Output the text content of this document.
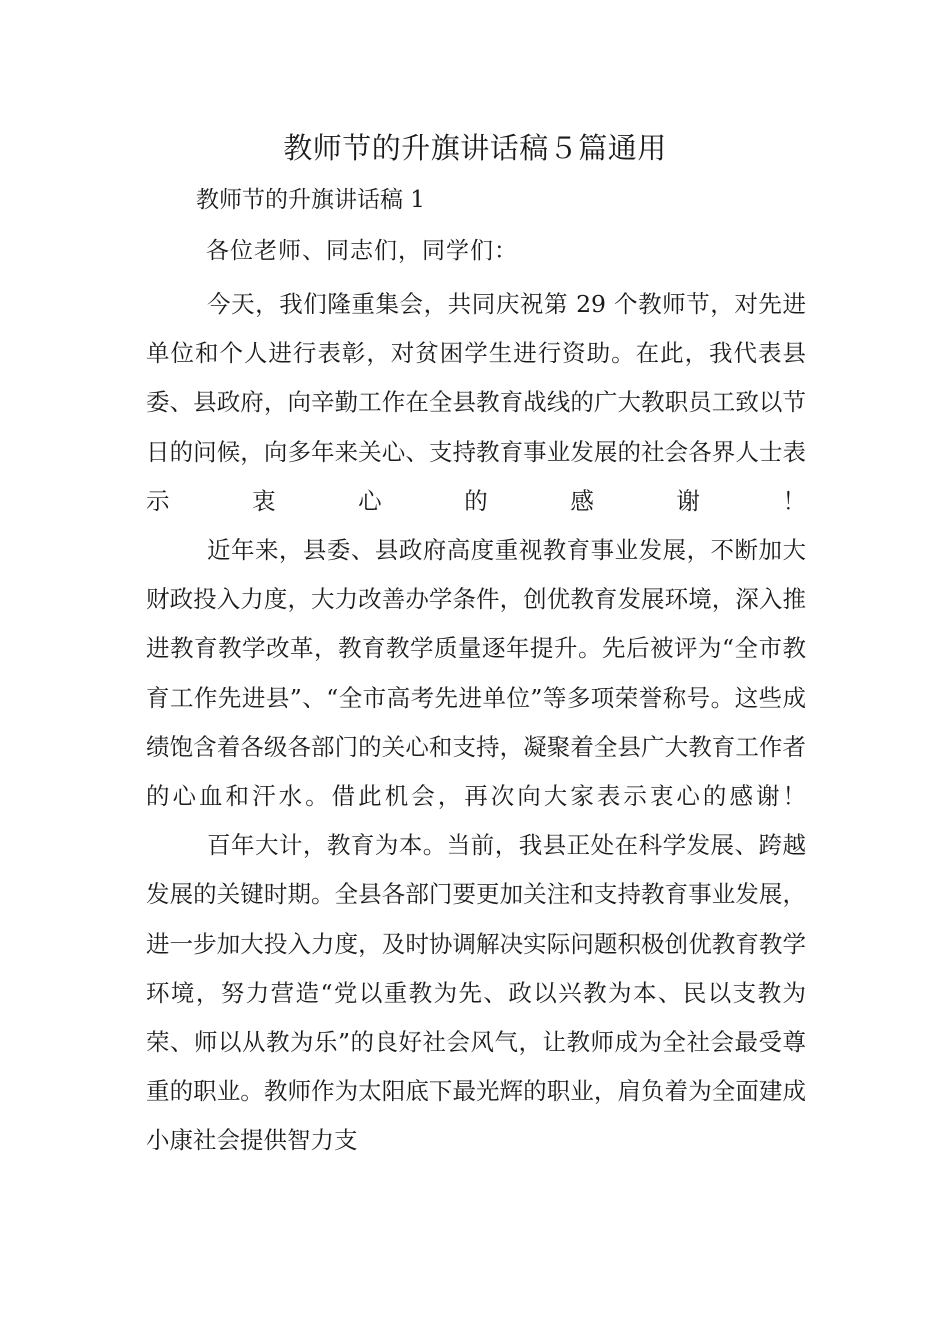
教师节的升旗讲话稿５篇通用
教师节的升旗讲话稿 1

各位老师、同志们，同学们：

今天，我们隆重集会，共同庆祝第 29 个教师节，对先进单位和个人进行表彰，对贫困学生进行资助。在此，我代表县委、县政府，向辛勤工作在全县教育战线的广大教职员工致以节日的问候，向多年来关心、支持教育事业发展的社会各界人士表示衷心的感谢！

近年来，县委、县政府高度重视教育事业发展，不断加大财政投入力度，大力改善办学条件，创优教育发展环境，深入推进教育教学改革，教育教学质量逐年提升。先后被评为“全市教育工作先进县”、“全市高考先进单位”等多项荣誉称号。这些成绩饱含着各级各部门的关心和支持，凝聚着全县广大教育工作者的心血和汗水。借此机会，再次向大家表示衷心的感谢！

百年大计，教育为本。当前，我县正处在科学发展、跨越发展的关键时期。全县各部门要更加关注和支持教育事业发展，进一步加大投入力度，及时协调解决实际问题积极创优教育教学环境，努力营造“党以重教为先、政以兴教为本、民以支教为荣、师以从教为乐”的良好社会风气，让教师成为全社会最受尊重的职业。教师作为太阳底下最光辉的职业，肩负着为全面建成小康社会提供智力支
